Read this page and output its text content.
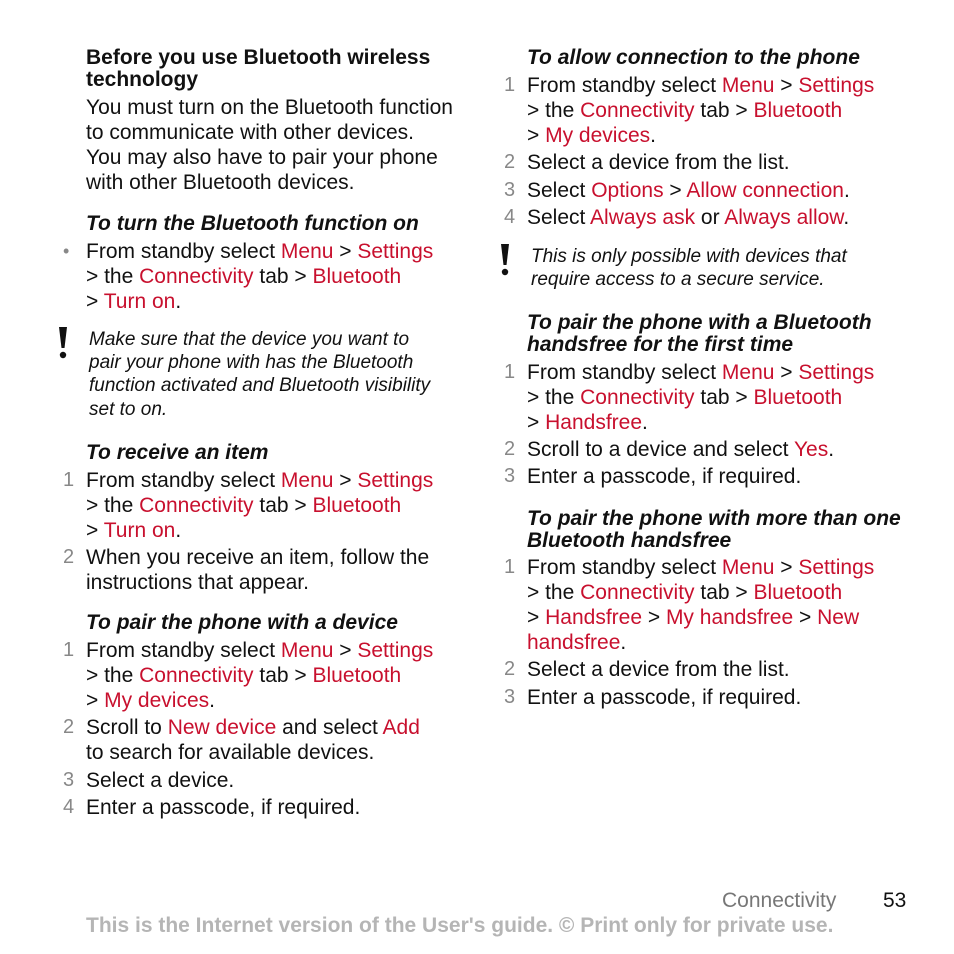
Before you use Bluetooth wireless
technology
You must turn on the Bluetooth function
to communicate with other devices.
You may also have to pair your phone
with other Bluetooth devices.
To turn the Bluetooth function on
• From standby select Menu > Settings
> the Connectivity tab > Bluetooth
> Turn on.
Make sure that the device you want to
pair your phone with has the Bluetooth
function activated and Bluetooth visibility
set to on.
To receive an item
1 From standby select Menu > Settings
> the Connectivity tab > Bluetooth
> Turn on.
2 When you receive an item, follow the
instructions that appear.
To pair the phone with a device
1 From standby select Menu > Settings
> the Connectivity tab > Bluetooth
> My devices.
2 Scroll to New device and select Add
to search for available devices.
3 Select a device.
4 Enter a passcode, if required.
To allow connection to the phone
1 From standby select Menu > Settings
> the Connectivity tab > Bluetooth
> My devices.
2 Select a device from the list.
3 Select Options > Allow connection.
4 Select Always ask or Always allow.
This is only possible with devices that
require access to a secure service.
To pair the phone with a Bluetooth
handsfree for the first time
1 From standby select Menu > Settings
> the Connectivity tab > Bluetooth
> Handsfree.
2 Scroll to a device and select Yes.
3 Enter a passcode, if required.
To pair the phone with more than one
Bluetooth handsfree
1 From standby select Menu > Settings
> the Connectivity tab > Bluetooth
> Handsfree > My handsfree > New
handsfree.
2 Select a device from the list.
3 Enter a passcode, if required.
Connectivity 53
This is the Internet version of the User's guide. © Print only for private use.
